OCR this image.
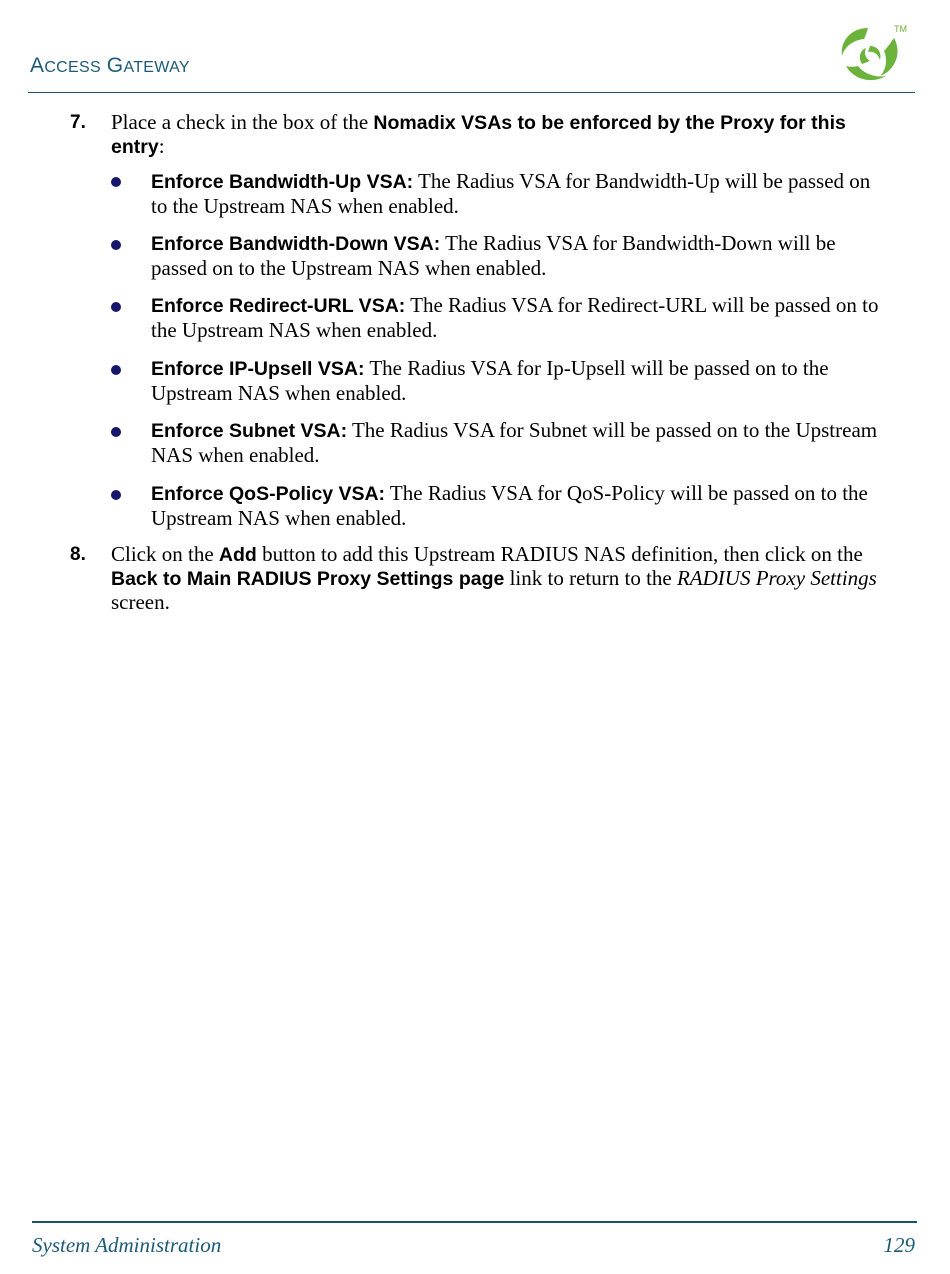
ACCESS GATEWAY
TM
7. Place a check in the box of the Nomadix VSAs to be enforced by the Proxy for this
entry:
Enforce Bandwidth-Up VSA: The Radius VSA for Bandwidth-Up will be passed on
to the Upstream NAS when enabled.
Enforce Bandwidth-Down VSA: The Radius VSA for Bandwidth-Down will be
passed on to the Upstream NAS when enabled.
Enforce Redirect-URL VSA: The Radius VSA for Redirect-URL will be passed on to
the Upstream NAS when enabled.
Enforce IP-Upsell VSA: The Radius VSA for Ip-Upsell will be passed on to the
Upstream NAS when enabled.
Enforce Subnet VSA: The Radius VSA for Subnet will be passed on to the Upstream
NAS when enabled.
Enforce QoS-Policy VSA: The Radius VSA for QoS-Policy will be passed on to the
Upstream NAS when enabled.
8. Click on the Add button to add this Upstream RADIUS NAS definition, then click on the
Back to Main RADIUS Proxy Settings page link to return to the RADIUS Proxy Settings
screen.
System Administration	129
